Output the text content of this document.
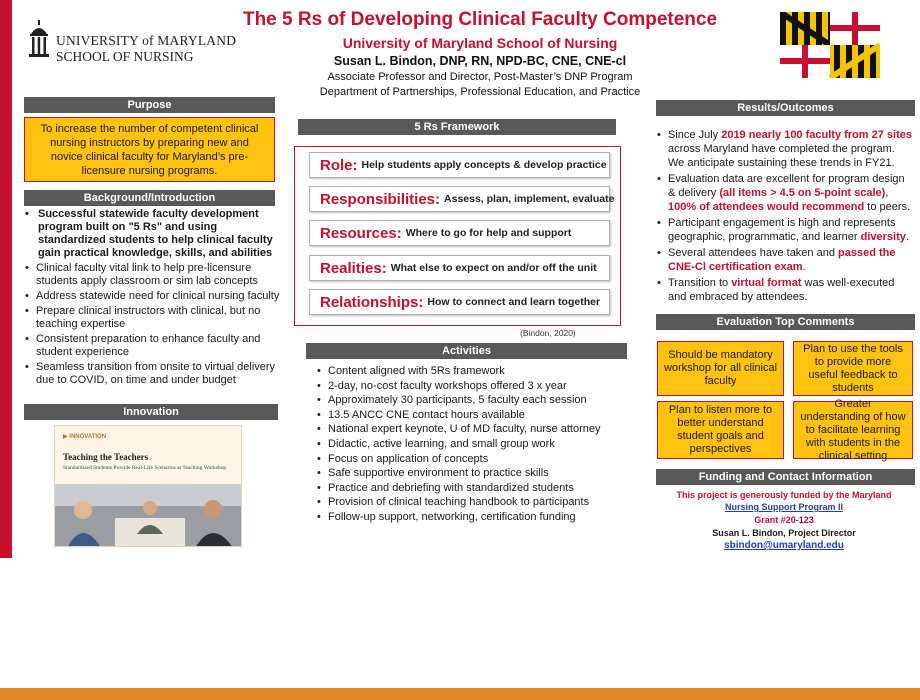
UNIVERSITY of MARYLAND
SCHOOL OF NURSING
The 5 Rs of Developing Clinical Faculty Competence
University of Maryland School of Nursing
Susan L. Bindon, DNP, RN, NPD-BC, CNE, CNE-cl
Associate Professor and Director, Post-Master’s DNP Program
Department of Partnerships, Professional Education, and Practice
Purpose
To increase the number of competent clinical nursing instructors by preparing new and novice clinical faculty for Maryland’s pre-licensure nursing programs.
Background/Introduction
• Successful statewide faculty development program built on "5 Rs" and using standardized students to help clinical faculty gain practical knowledge, skills, and abilities
• Clinical faculty vital link to help pre-licensure students apply classroom or sim lab concepts
• Address statewide need for clinical nursing faculty
• Prepare clinical instructors with clinical, but no teaching expertise
• Consistent preparation to enhance faculty and student experience
• Seamless transition from onsite to virtual delivery due to COVID, on time and under budget
Innovation
▶ INNOVATION
Teaching the Teachers
Standardized Students Provide Real-Life Scenarios at Teaching Workshop
5 Rs Framework
Role: Help students apply concepts & develop practice
Responsibilities: Assess, plan, implement, evaluate
Resources: Where to go for help and support
Realities: What else to expect on and/or off the unit
Relationships: How to connect and learn together
(Bindon, 2020)
Activities
• Content aligned with 5Rs framework
• 2-day, no-cost faculty workshops offered 3 x year
• Approximately 30 participants, 5 faculty each session
• 13.5 ANCC CNE contact hours available
• National expert keynote, U of MD faculty, nurse attorney
• Didactic, active learning, and small group work
• Focus on application of concepts
• Safe supportive environment to practice skills
• Practice and debriefing with standardized students
• Provision of clinical teaching handbook to participants
• Follow-up support, networking, certification funding
Results/Outcomes
• Since July 2019 nearly 100 faculty from 27 sites across Maryland have completed the program. We anticipate sustaining these trends in FY21.
• Evaluation data are excellent for program design & delivery (all items > 4.5 on 5-point scale), 100% of attendees would recommend to peers.
• Participant engagement is high and represents geographic, programmatic, and learner diversity.
• Several attendees have taken and passed the CNE-Cl certification exam.
• Transition to virtual format was well-executed and embraced by attendees.
Evaluation Top Comments
Should be mandatory workshop for all clinical faculty
Plan to use the tools to provide more useful feedback to students
Plan to listen more to better understand student goals and perspectives
Greater understanding of how to facilitate learning with students in the clinical setting
Funding and Contact Information
This project is generously funded by the Maryland
Nursing Support Program II
Grant #20-123
Susan L. Bindon, Project Director
sbindon@umaryland.edu
